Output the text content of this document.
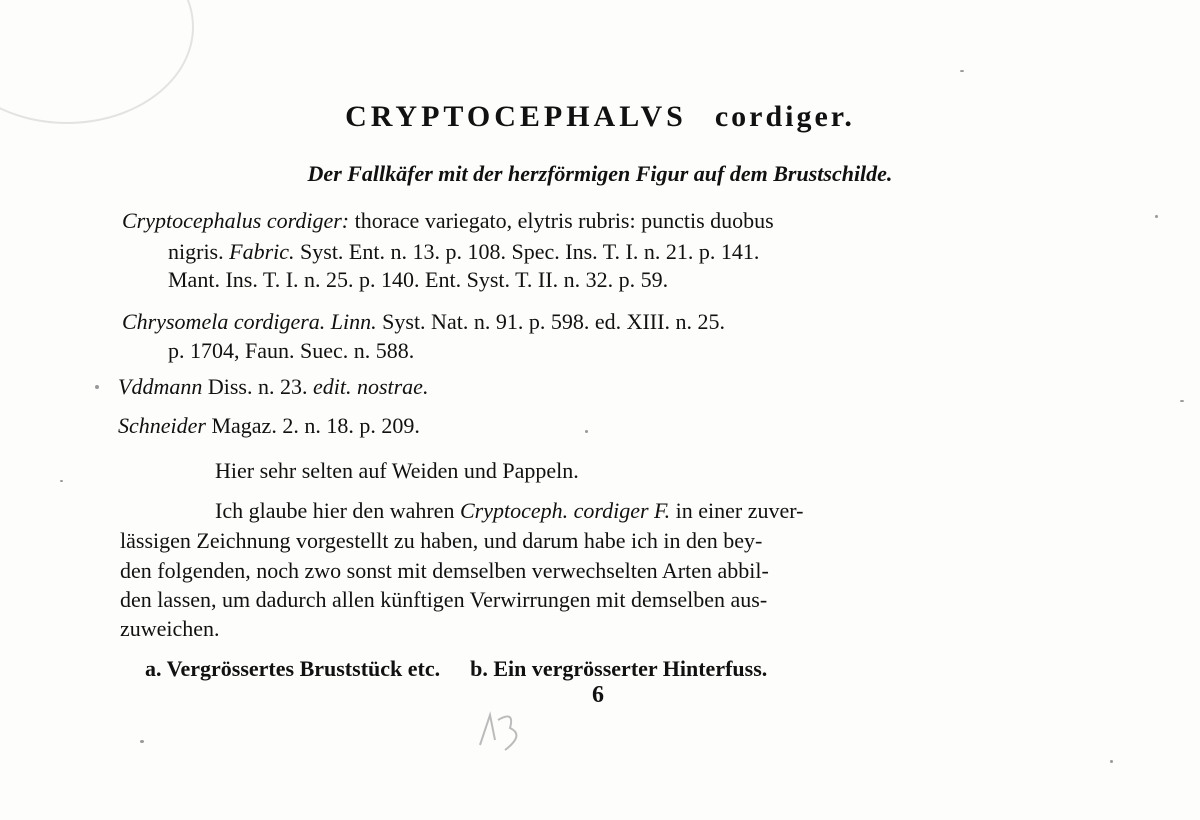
CRYPTOCEPHALVS cordiger.
Der Fallkäfer mit der herzförmigen Figur auf dem Brustschilde.
Cryptocephalus cordiger: thorace variegato, elytris rubris: punctis duobus
nigris. Fabric. Syst. Ent. n. 13. p. 108. Spec. Ins. T. I. n. 21. p. 141.
Mant. Ins. T. I. n. 25. p. 140. Ent. Syst. T. II. n. 32. p. 59.
Chrysomela cordigera. Linn. Syst. Nat. n. 91. p. 598. ed. XIII. n. 25.
p. 1704, Faun. Suec. n. 588.
Vddmann Diss. n. 23. edit. nostrae.
Schneider Magaz. 2. n. 18. p. 209.
Hier sehr selten auf Weiden und Pappeln.
Ich glaube hier den wahren Cryptoceph. cordiger F. in einer zuver-
lässigen Zeichnung vorgestellt zu haben, und darum habe ich in den bey-
den folgenden, noch zwo sonst mit demselben verwechselten Arten abbil-
den lassen, um dadurch allen künftigen Verwirrungen mit demselben aus-
zuweichen.
a. Vergrössertes Bruststück etc. b. Ein vergrösserter Hinterfuss.
6
